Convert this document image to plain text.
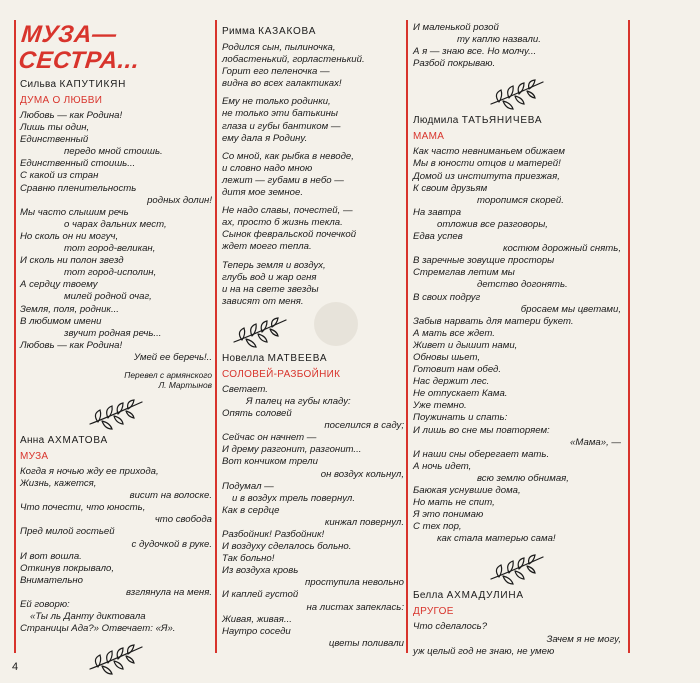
МУЗА—СЕСТРА...
Сильва КАПУТИКЯН
ДУМА О ЛЮБВИ
Любовь — как Родина!
Лишь ты один,
Единственный
передо мной стоишь.
Единственный стоишь...
С какой из стран
Сравню пленительность
родных долин!
Мы часто слышим речь
о чарах дальних мест,
Но сколь он ни могуч,
тот город-великан,
И сколь ни полон звезд
тот город-исполин,
А сердцу твоему
милей родной очаг,
Земля, поля, родник...
В любимом имени
звучит родная речь...
Любовь — как Родина!
Умей ее беречь!..
Перевел с армянского
Л. Мартынов
Анна АХМАТОВА
МУЗА
Когда я ночью жду ее прихода,
Жизнь, кажется,
висит на волоске.
Что почести, что юность,
что свобода
Пред милой гостьей
с дудочкой в руке.
И вот вошла.
Откинув покрывало,
Внимательно
взглянула на меня.
Ей говорю:
«Ты ль Данту диктовала
Страницы Ада?» Отвечает: «Я».
Римма КАЗАКОВА
Родился сын, пылиночка,
лобастенький, горластенький.
Горит его пеленочка —
видна во всех галактиках!
Ему не только родинки,
не только эти батькины
глаза и губы бантиком —
ему дала я Родину.
Со мной, как рыбка в неводе,
и словно надо мною
лежит — губами в небо —
дитя мое земное.
Не надо славы, почестей, —
ах, просто б жизнь текла.
Сынок февральской почечкой
ждет моего тепла.
Теперь земля и воздух,
глубь вод и жар огня
и на на свете звезды
зависят от меня.
Новелла МАТВЕЕВА
СОЛОВЕЙ-РАЗБОЙНИК
Светает.
Я палец на губы кладу:
Опять соловей
поселился в саду;
Сейчас он начнет —
И дрему разгонит, разгонит...
Вот кончиком трели
он воздух кольнул,
Подумал —
и в воздух трель повернул.
Как в сердце
кинжал повернул.
Разбойник! Разбойник!
И воздуху сделалось больно.
Так больно!
Из воздуха кровь
проступила невольно
И каплей густой
на листах запеклась:
Живая, живая...
Наутро соседи
цветы поливали
И маленькой розой
ту каплю назвали.
А я — знаю все. Но молчу...
Разбой покрываю.
Людмила ТАТЬЯНИЧЕВА
МАМА
Как часто невниманьем обижаем
Мы в юности отцов и матерей!
Домой из института приезжая,
К своим друзьям
торопимся скорей.
На завтра
отложив все разговоры,
Едва успев
костюм дорожный снять,
В заречные зовущие просторы
Стремглав летим мы
детство догонять.
В своих подруг
бросаем мы цветами,
Забыв нарвать для матери букет.
А мать все ждет.
Живет и дышит нами,
Обновы шьет,
Готовит нам обед.
Нас держит лес.
Не отпускает Кама.
Уже темно.
Поужинать и спать:
И лишь во сне мы повторяем:
«Мама», —
И наши сны оберегает мать.
А ночь идет,
всю землю обнимая,
Баюкая уснувшие дома,
Но мать не спит,
Я это понимаю
С тех пор,
как стала матерью сама!
Белла АХМАДУЛИНА
ДРУГОЕ
Что сделалось?
Зачем я не могу,
уж целый год не знаю, не умею
4
